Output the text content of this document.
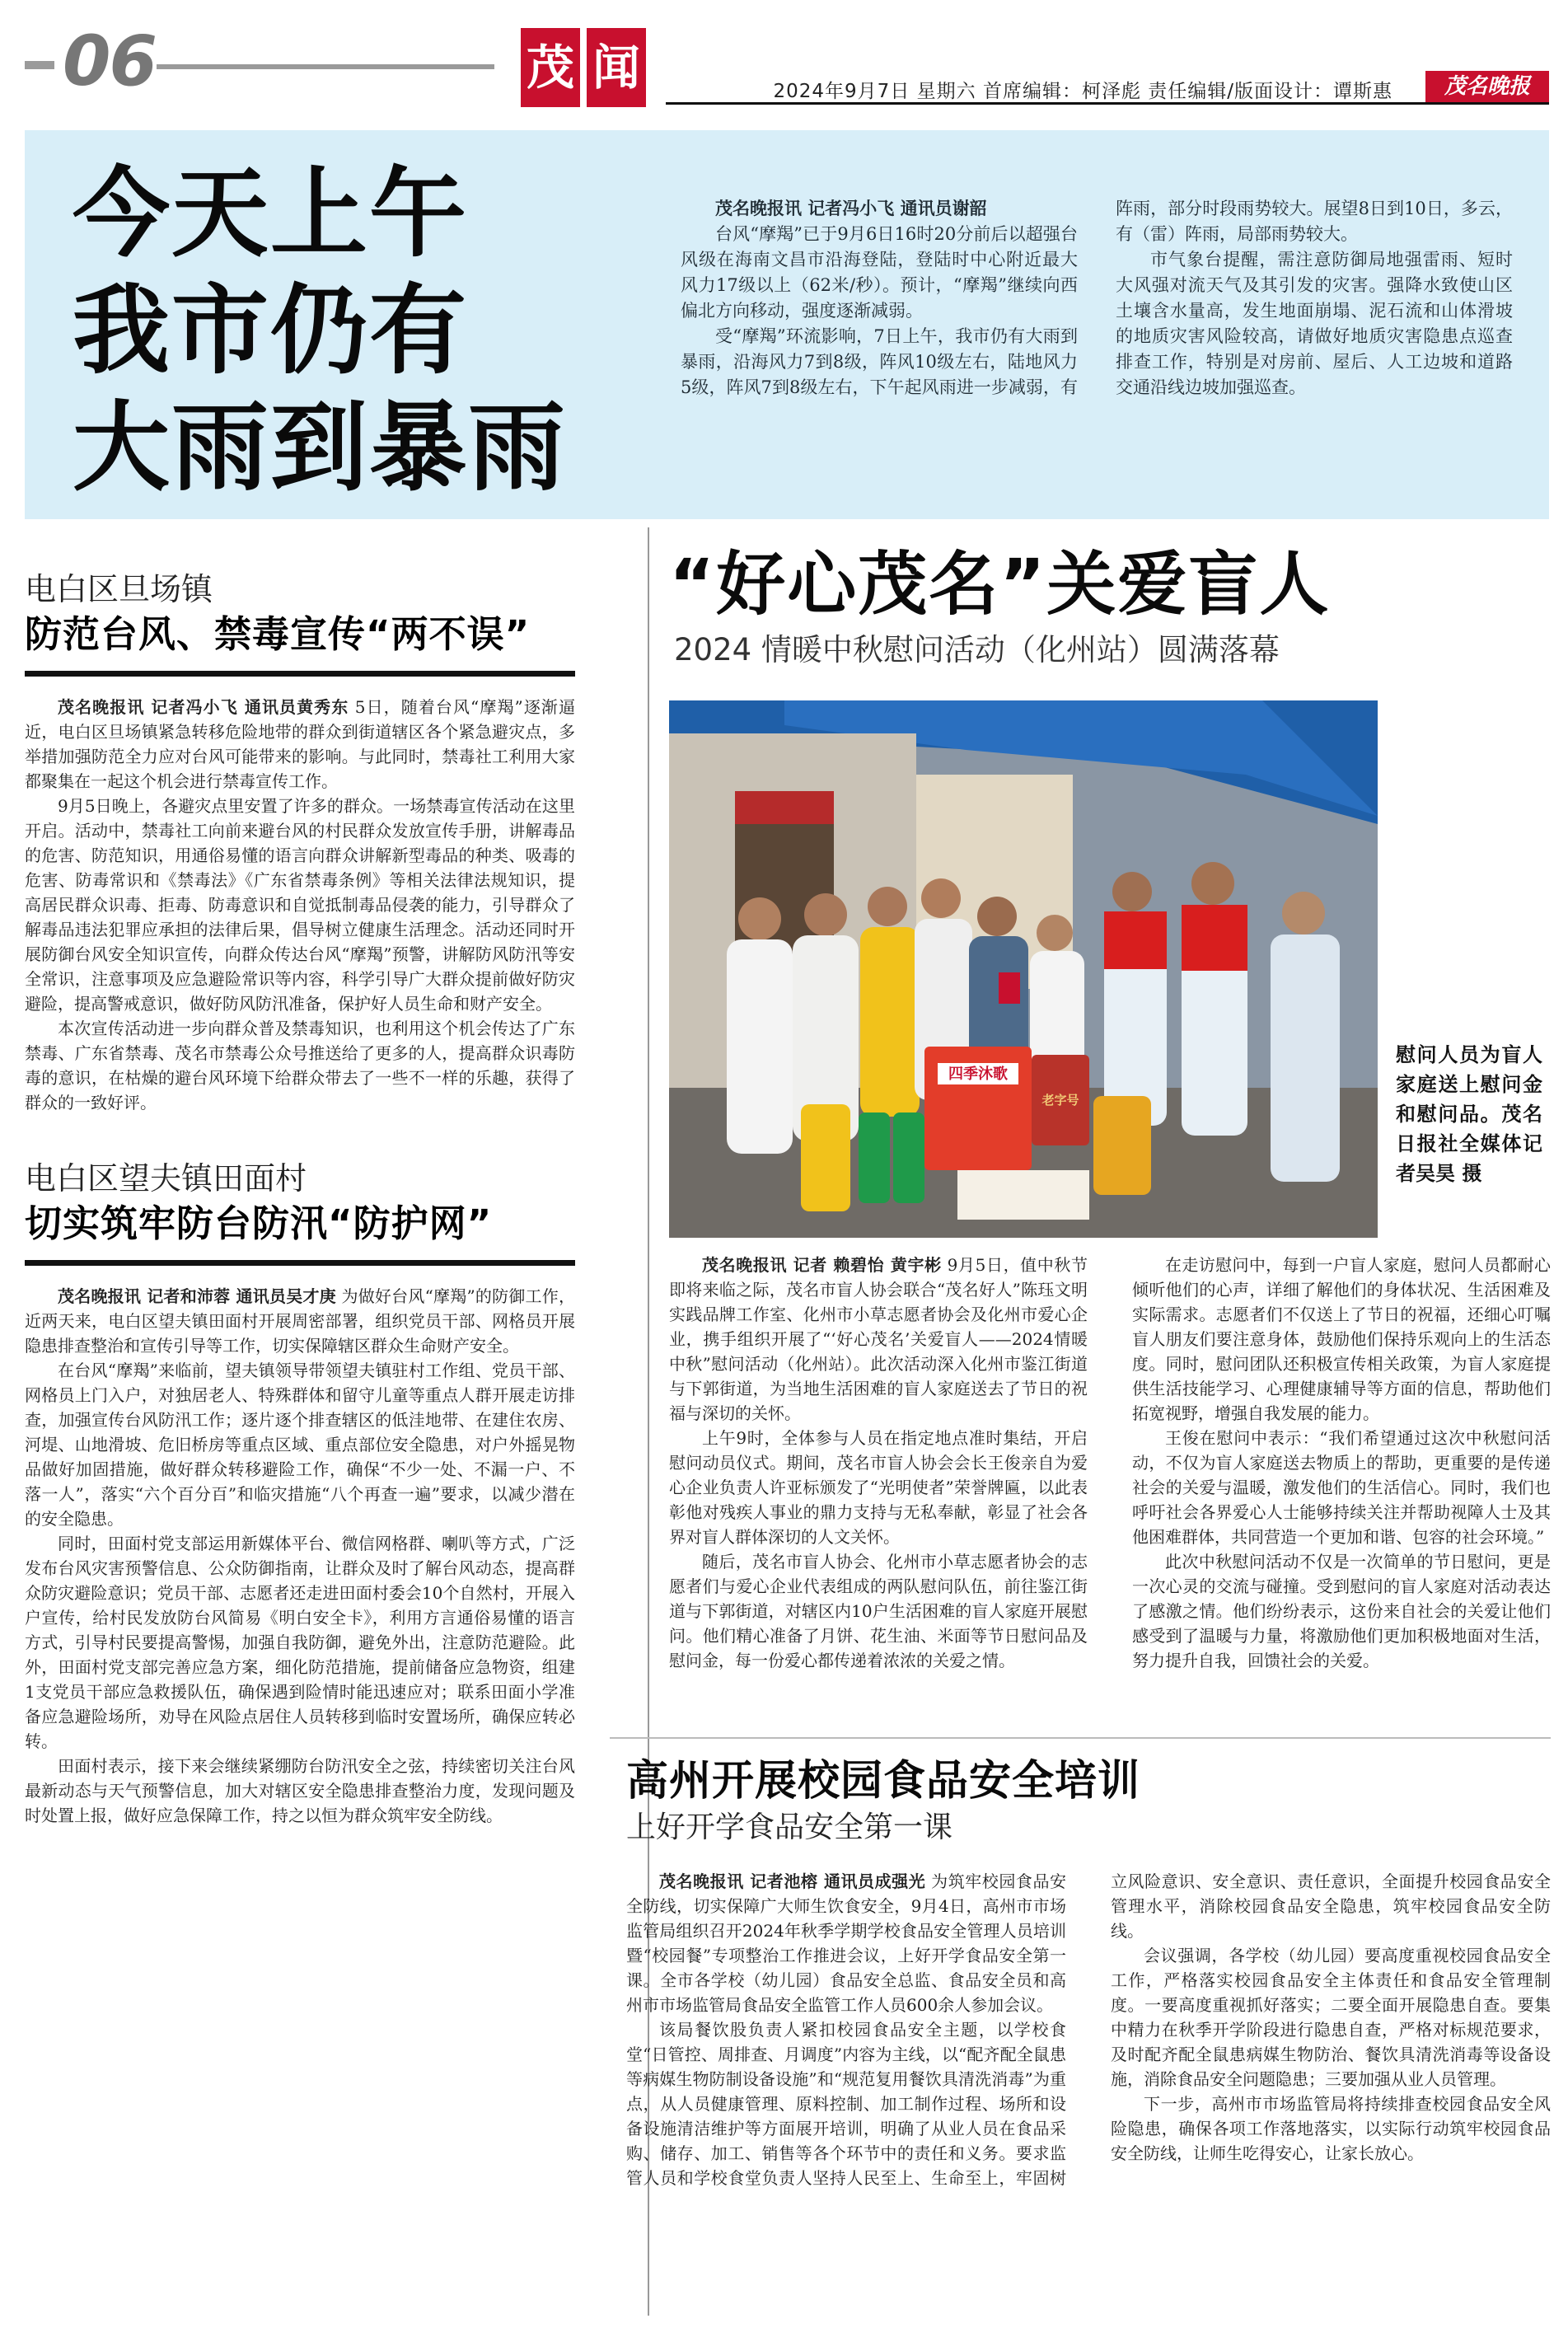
06	茂 闻	2024年9月7日 星期六 首席编辑：柯泽彪 责任编辑/版面设计：谭斯惠	茂名晚报
今天上午
我市仍有
大雨到暴雨

茂名晚报讯 记者冯小飞 通讯员谢韶

台风“摩羯”已于9月6日16时20分前后以超强台风级在海南文昌市沿海登陆，登陆时中心附近最大风力17级以上（62米/秒）。预计，“摩羯”继续向西偏北方向移动，强度逐渐减弱。

受“摩羯”环流影响，7日上午，我市仍有大雨到暴雨，沿海风力7到8级，阵风10级左右，陆地风力5级，阵风7到8级左右，下午起风雨进一步减弱，有阵雨，部分时段雨势较大。展望8日到10日，多云，有（雷）阵雨，局部雨势较大。

市气象台提醒，需注意防御局地强雷雨、短时大风强对流天气及其引发的灾害。强降水致使山区土壤含水量高，发生地面崩塌、泥石流和山体滑坡的地质灾害风险较高，请做好地质灾害隐患点巡查排查工作，特别是对房前、屋后、人工边坡和道路交通沿线边坡加强巡查。

电白区旦场镇
防范台风、禁毒宣传“两不误”

茂名晚报讯 记者冯小飞 通讯员黄秀东 5日，随着台风“摩羯”逐渐逼近，电白区旦场镇紧急转移危险地带的群众到街道辖区各个紧急避灾点，多举措加强防范全力应对台风可能带来的影响。与此同时，禁毒社工利用大家都聚集在一起这个机会进行禁毒宣传工作。

9月5日晚上，各避灾点里安置了许多的群众。一场禁毒宣传活动在这里开启。活动中，禁毒社工向前来避台风的村民群众发放宣传手册，讲解毒品的危害、防范知识，用通俗易懂的语言向群众讲解新型毒品的种类、吸毒的危害、防毒常识和《禁毒法》《广东省禁毒条例》等相关法律法规知识，提高居民群众识毒、拒毒、防毒意识和自觉抵制毒品侵袭的能力，引导群众了解毒品违法犯罪应承担的法律后果，倡导树立健康生活理念。活动还同时开展防御台风安全知识宣传，向群众传达台风“摩羯”预警，讲解防风防汛等安全常识，注意事项及应急避险常识等内容，科学引导广大群众提前做好防灾避险，提高警戒意识，做好防风防汛准备，保护好人员生命和财产安全。

本次宣传活动进一步向群众普及禁毒知识，也利用这个机会传达了广东禁毒、广东省禁毒、茂名市禁毒公众号推送给了更多的人，提高群众识毒防毒的意识，在枯燥的避台风环境下给群众带去了一些不一样的乐趣，获得了群众的一致好评。

电白区望夫镇田面村
切实筑牢防台防汛“防护网”

茂名晚报讯 记者和沛蓉 通讯员吴才庚 为做好台风“摩羯”的防御工作，近两天来，电白区望夫镇田面村开展周密部署，组织党员干部、网格员开展隐患排查整治和宣传引导等工作，切实保障辖区群众生命财产安全。

在台风“摩羯”来临前，望夫镇领导带领望夫镇驻村工作组、党员干部、网格员上门入户，对独居老人、特殊群体和留守儿童等重点人群开展走访排查，加强宣传台风防汛工作；逐片逐个排查辖区的低洼地带、在建住农房、河堤、山地滑坡、危旧桥房等重点区域、重点部位安全隐患，对户外摇晃物品做好加固措施，做好群众转移避险工作，确保“不少一处、不漏一户、不落一人”，落实“六个百分百”和临灾措施“八个再查一遍”要求，以减少潜在的安全隐患。

同时，田面村党支部运用新媒体平台、微信网格群、喇叭等方式，广泛发布台风灾害预警信息、公众防御指南，让群众及时了解台风动态，提高群众防灾避险意识；党员干部、志愿者还走进田面村委会10个自然村，开展入户宣传，给村民发放防台风简易《明白安全卡》，利用方言通俗易懂的语言方式，引导村民要提高警惕，加强自我防御，避免外出，注意防范避险。此外，田面村党支部完善应急方案，细化防范措施，提前储备应急物资，组建1支党员干部应急救援队伍，确保遇到险情时能迅速应对；联系田面小学准备应急避险场所，劝导在风险点居住人员转移到临时安置场所，确保应转必转。

田面村表示，接下来会继续紧绷防台防汛安全之弦，持续密切关注台风最新动态与天气预警信息，加大对辖区安全隐患排查整治力度，发现问题及时处置上报，做好应急保障工作，持之以恒为群众筑牢安全防线。

“好心茂名”关爱盲人
2024 情暖中秋慰问活动（化州站）圆满落幕
四季沐歌
老字号
慰问人员为盲人家庭送上慰问金和慰问品。茂名日报社全媒体记者吴昊 摄

茂名晚报讯 记者 赖碧怡 黄宇彬 9月5日，值中秋节即将来临之际，茂名市盲人协会联合“茂名好人”陈珏文明实践品牌工作室、化州市小草志愿者协会及化州市爱心企业，携手组织开展了“‘好心茂名’关爱盲人——2024情暖中秋”慰问活动（化州站）。此次活动深入化州市鉴江街道与下郭街道，为当地生活困难的盲人家庭送去了节日的祝福与深切的关怀。

上午9时，全体参与人员在指定地点准时集结，开启慰问动员仪式。期间，茂名市盲人协会会长王俊亲自为爱心企业负责人许亚标颁发了“光明使者”荣誉牌匾，以此表彰他对残疾人事业的鼎力支持与无私奉献，彰显了社会各界对盲人群体深切的人文关怀。

随后，茂名市盲人协会、化州市小草志愿者协会的志愿者们与爱心企业代表组成的两队慰问队伍，前往鉴江街道与下郭街道，对辖区内10户生活困难的盲人家庭开展慰问。他们精心准备了月饼、花生油、米面等节日慰问品及慰问金，每一份爱心都传递着浓浓的关爱之情。

在走访慰问中，每到一户盲人家庭，慰问人员都耐心倾听他们的心声，详细了解他们的身体状况、生活困难及实际需求。志愿者们不仅送上了节日的祝福，还细心叮嘱盲人朋友们要注意身体，鼓励他们保持乐观向上的生活态度。同时，慰问团队还积极宣传相关政策，为盲人家庭提供生活技能学习、心理健康辅导等方面的信息，帮助他们拓宽视野，增强自我发展的能力。

王俊在慰问中表示：“我们希望通过这次中秋慰问活动，不仅为盲人家庭送去物质上的帮助，更重要的是传递社会的关爱与温暖，激发他们的生活信心。同时，我们也呼吁社会各界爱心人士能够持续关注并帮助视障人士及其他困难群体，共同营造一个更加和谐、包容的社会环境。”

此次中秋慰问活动不仅是一次简单的节日慰问，更是一次心灵的交流与碰撞。受到慰问的盲人家庭对活动表达了感激之情。他们纷纷表示，这份来自社会的关爱让他们感受到了温暖与力量，将激励他们更加积极地面对生活，努力提升自我，回馈社会的关爱。

高州开展校园食品安全培训
上好开学食品安全第一课

茂名晚报讯 记者池榕 通讯员成强光 为筑牢校园食品安全防线，切实保障广大师生饮食安全，9月4日，高州市市场监管局组织召开2024年秋季学期学校食品安全管理人员培训暨“校园餐”专项整治工作推进会议，上好开学食品安全第一课。全市各学校（幼儿园）食品安全总监、食品安全员和高州市市场监管局食品安全监管工作人员600余人参加会议。

该局餐饮股负责人紧扣校园食品安全主题，以学校食堂“日管控、周排查、月调度”内容为主线，以“配齐配全鼠患等病媒生物防制设备设施”和“规范复用餐饮具清洗消毒”为重点，从人员健康管理、原料控制、加工制作过程、场所和设备设施清洁维护等方面展开培训，明确了从业人员在食品采购、储存、加工、销售等各个环节中的责任和义务。要求监管人员和学校食堂负责人坚持人民至上、生命至上，牢固树立风险意识、安全意识、责任意识，全面提升校园食品安全管理水平，消除校园食品安全隐患，筑牢校园食品安全防线。

会议强调，各学校（幼儿园）要高度重视校园食品安全工作，严格落实校园食品安全主体责任和食品安全管理制度。一要高度重视抓好落实；二要全面开展隐患自查。要集中精力在秋季开学阶段进行隐患自查，严格对标规范要求，及时配齐配全鼠患病媒生物防治、餐饮具清洗消毒等设备设施，消除食品安全问题隐患；三要加强从业人员管理。

下一步，高州市市场监管局将持续排查校园食品安全风险隐患，确保各项工作落地落实，以实际行动筑牢校园食品安全防线，让师生吃得安心，让家长放心。
